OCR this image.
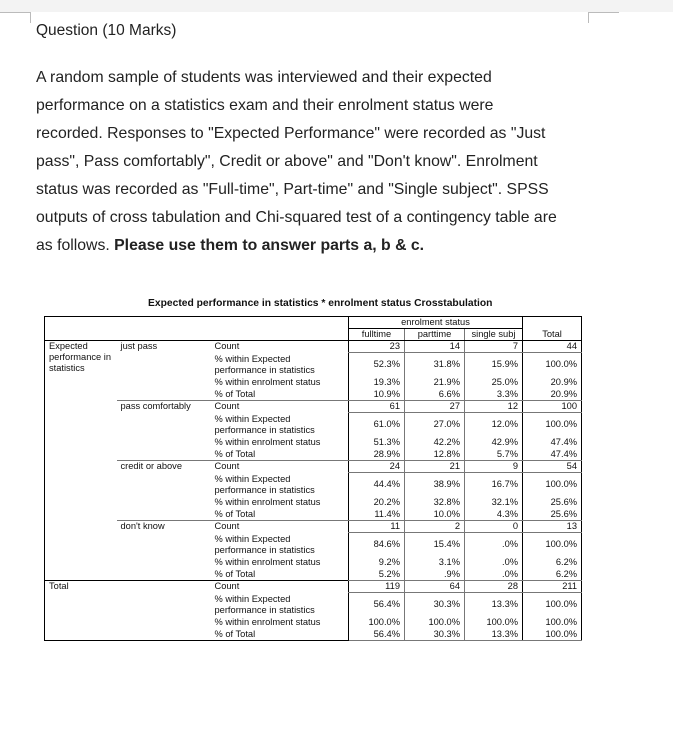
Question (10 Marks)
A random sample of students was interviewed and their expected
performance on a statistics exam and their enrolment status were
recorded. Responses to "Expected Performance" were recorded as "Just
pass", Pass comfortably", Credit or above" and "Don't know". Enrolment
status was recorded as "Full-time", Part-time" and "Single subject". SPSS
outputs of cross tabulation and Chi-squared test of a contingency table are
as follows. Please use them to answer parts a, b & c.
Expected performance in statistics * enrolment status Crosstabulation
			enrolment status			Total
			fulltime	parttime	single subj	
Expected performance in statistics	just pass	Count	23	14	7	44
		% within Expected performance in statistics	52.3%	31.8%	15.9%	100.0%
		% within enrolment status	19.3%	21.9%	25.0%	20.9%
		% of Total	10.9%	6.6%	3.3%	20.9%
	pass comfortably	Count	61	27	12	100
		% within Expected performance in statistics	61.0%	27.0%	12.0%	100.0%
		% within enrolment status	51.3%	42.2%	42.9%	47.4%
		% of Total	28.9%	12.8%	5.7%	47.4%
	credit or above	Count	24	21	9	54
		% within Expected performance in statistics	44.4%	38.9%	16.7%	100.0%
		% within enrolment status	20.2%	32.8%	32.1%	25.6%
		% of Total	11.4%	10.0%	4.3%	25.6%
	don't know	Count	11	2	0	13
		% within Expected performance in statistics	84.6%	15.4%	.0%	100.0%
		% within enrolment status	9.2%	3.1%	.0%	6.2%
		% of Total	5.2%	.9%	.0%	6.2%
Total		Count	119	64	28	211
		% within Expected performance in statistics	56.4%	30.3%	13.3%	100.0%
		% within enrolment status	100.0%	100.0%	100.0%	100.0%
		% of Total	56.4%	30.3%	13.3%	100.0%
